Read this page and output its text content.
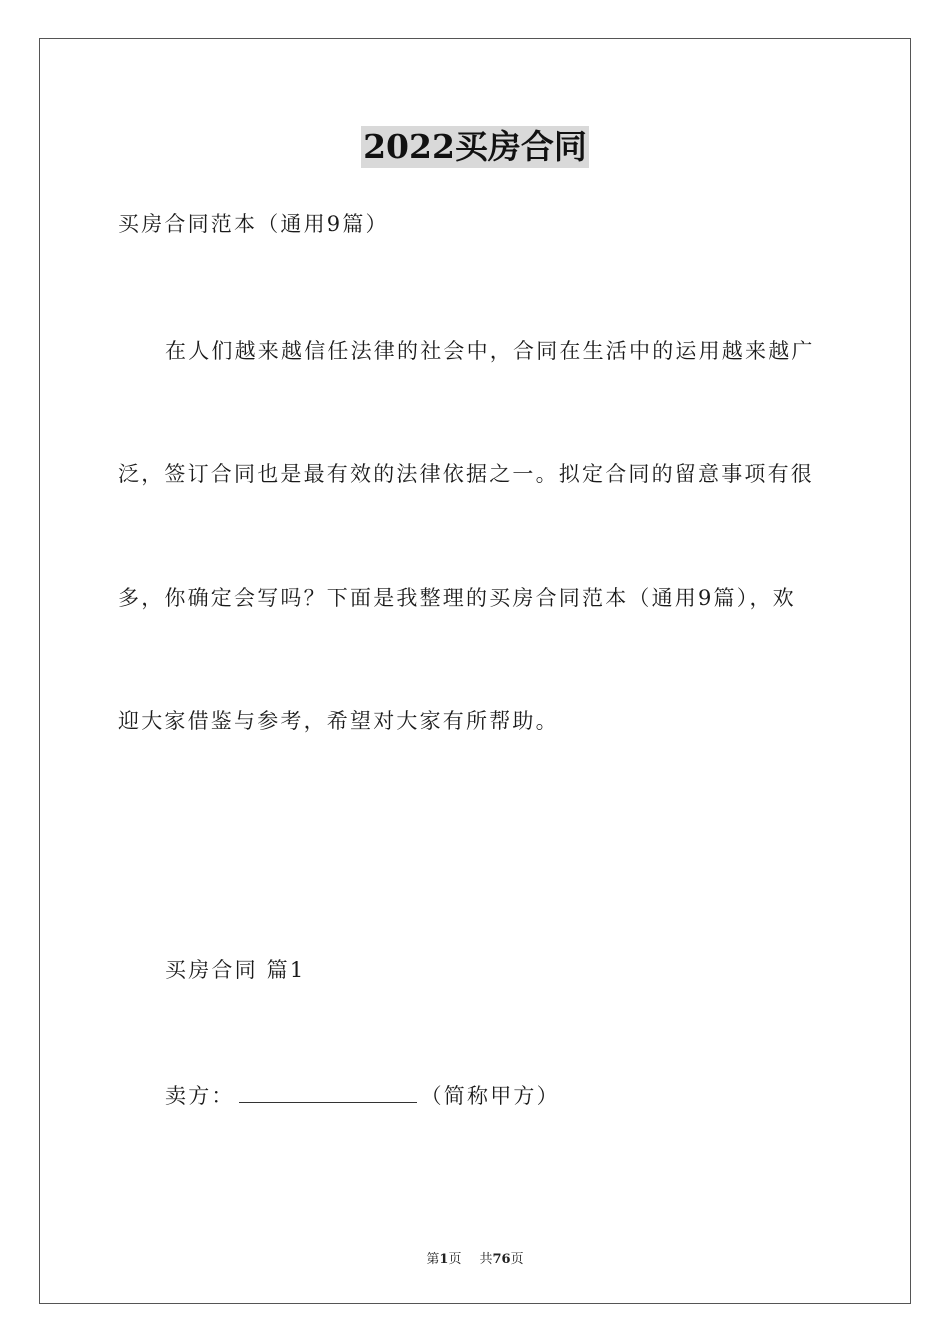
2022买房合同
买房合同范本（通用9篇）
在人们越来越信任法律的社会中，合同在生活中的运用越来越广
泛，签订合同也是最有效的法律依据之一。拟定合同的留意事项有很
多，你确定会写吗？下面是我整理的买房合同范本（通用9篇），欢
迎大家借鉴与参考，希望对大家有所帮助。
买房合同 篇1
卖方：	（简称甲方）
第1页 共76页
